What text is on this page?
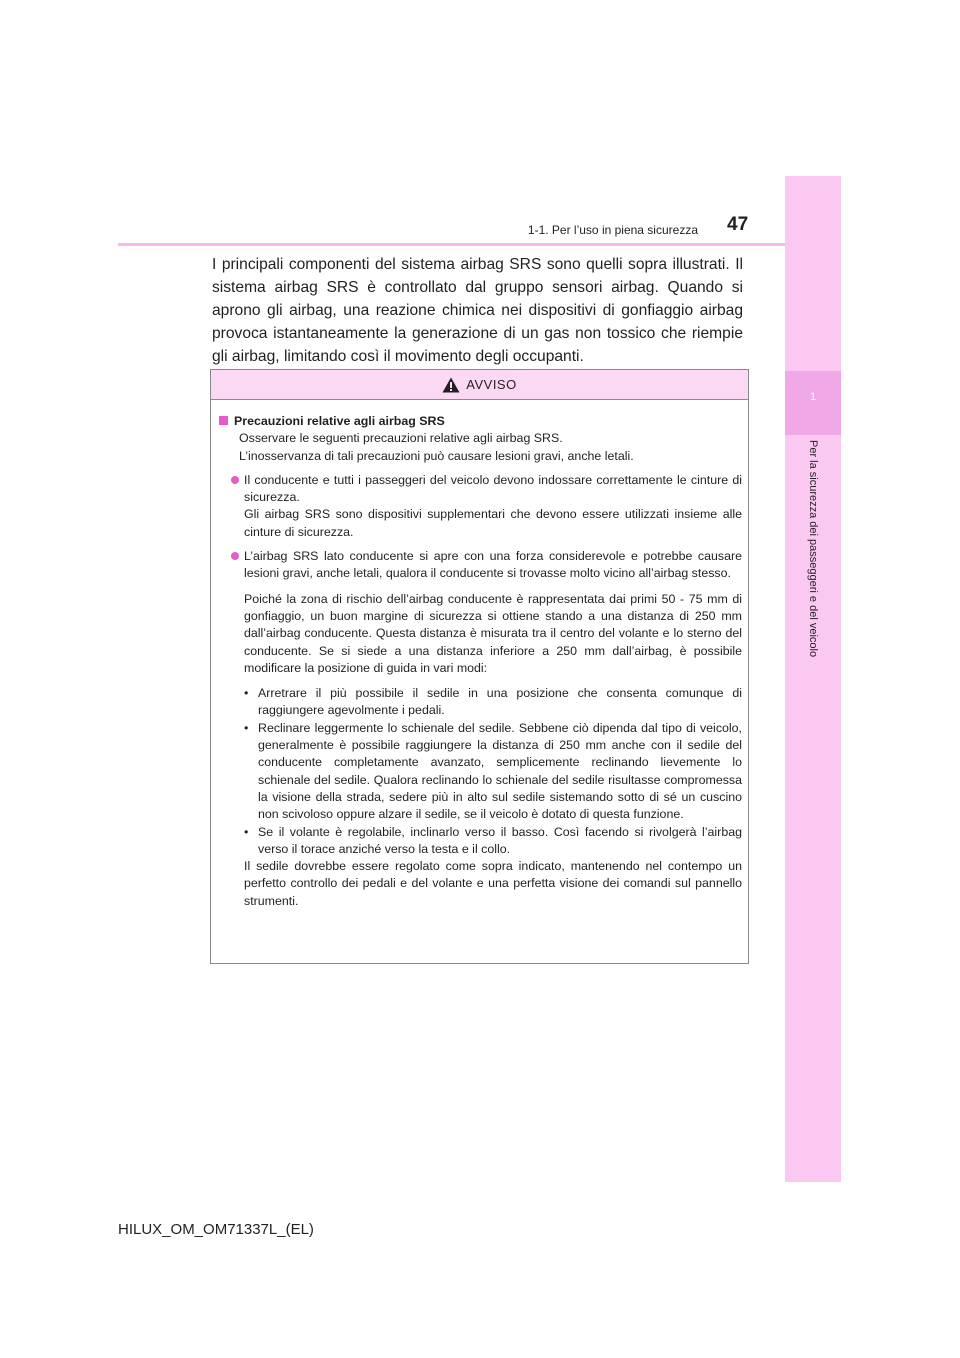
1
Per la sicurezza dei passeggeri e del veicolo
1-1. Per l’uso in piena sicurezza 47

I principali componenti del sistema airbag SRS sono quelli sopra illustrati. Il sistema airbag SRS è controllato dal gruppo sensori airbag. Quando si aprono gli airbag, una reazione chimica nei dispositivi di gonfiaggio airbag provoca istantaneamente la generazione di un gas non tossico che riempie gli airbag, limitando così il movimento degli occupanti.

AVVISO
Precauzioni relative agli airbag SRS

Osservare le seguenti precauzioni relative agli airbag SRS.

L’inosservanza di tali precauzioni può causare lesioni gravi, anche letali.

Il conducente e tutti i passeggeri del veicolo devono indossare correttamente le cinture di sicurezza.

Gli airbag SRS sono dispositivi supplementari che devono essere utilizzati insieme alle cinture di sicurezza.

L’airbag SRS lato conducente si apre con una forza considerevole e potrebbe causare lesioni gravi, anche letali, qualora il conducente si trovasse molto vicino all’airbag stesso.

Poiché la zona di rischio dell’airbag conducente è rappresentata dai primi 50 - 75 mm di gonfiaggio, un buon margine di sicurezza si ottiene stando a una distanza di 250 mm dall’airbag conducente. Questa distanza è misurata tra il centro del volante e lo sterno del conducente. Se si siede a una distanza inferiore a 250 mm dall’airbag, è possibile modificare la posizione di guida in vari modi:

• Arretrare il più possibile il sedile in una posizione che consenta comunque di raggiungere agevolmente i pedali.

• Reclinare leggermente lo schienale del sedile. Sebbene ciò dipenda dal tipo di veicolo, generalmente è possibile raggiungere la distanza di 250 mm anche con il sedile del conducente completamente avanzato, semplicemente reclinando lievemente lo schienale del sedile. Qualora reclinando lo schienale del sedile risultasse compromessa la visione della strada, sedere più in alto sul sedile sistemando sotto di sé un cuscino non scivoloso oppure alzare il sedile, se il veicolo è dotato di questa funzione.

• Se il volante è regolabile, inclinarlo verso il basso. Così facendo si rivolgerà l’airbag verso il torace anziché verso la testa e il collo.

Il sedile dovrebbe essere regolato come sopra indicato, mantenendo nel contempo un perfetto controllo dei pedali e del volante e una perfetta visione dei comandi sul pannello strumenti.

HILUX_OM_OM71337L_(EL)
